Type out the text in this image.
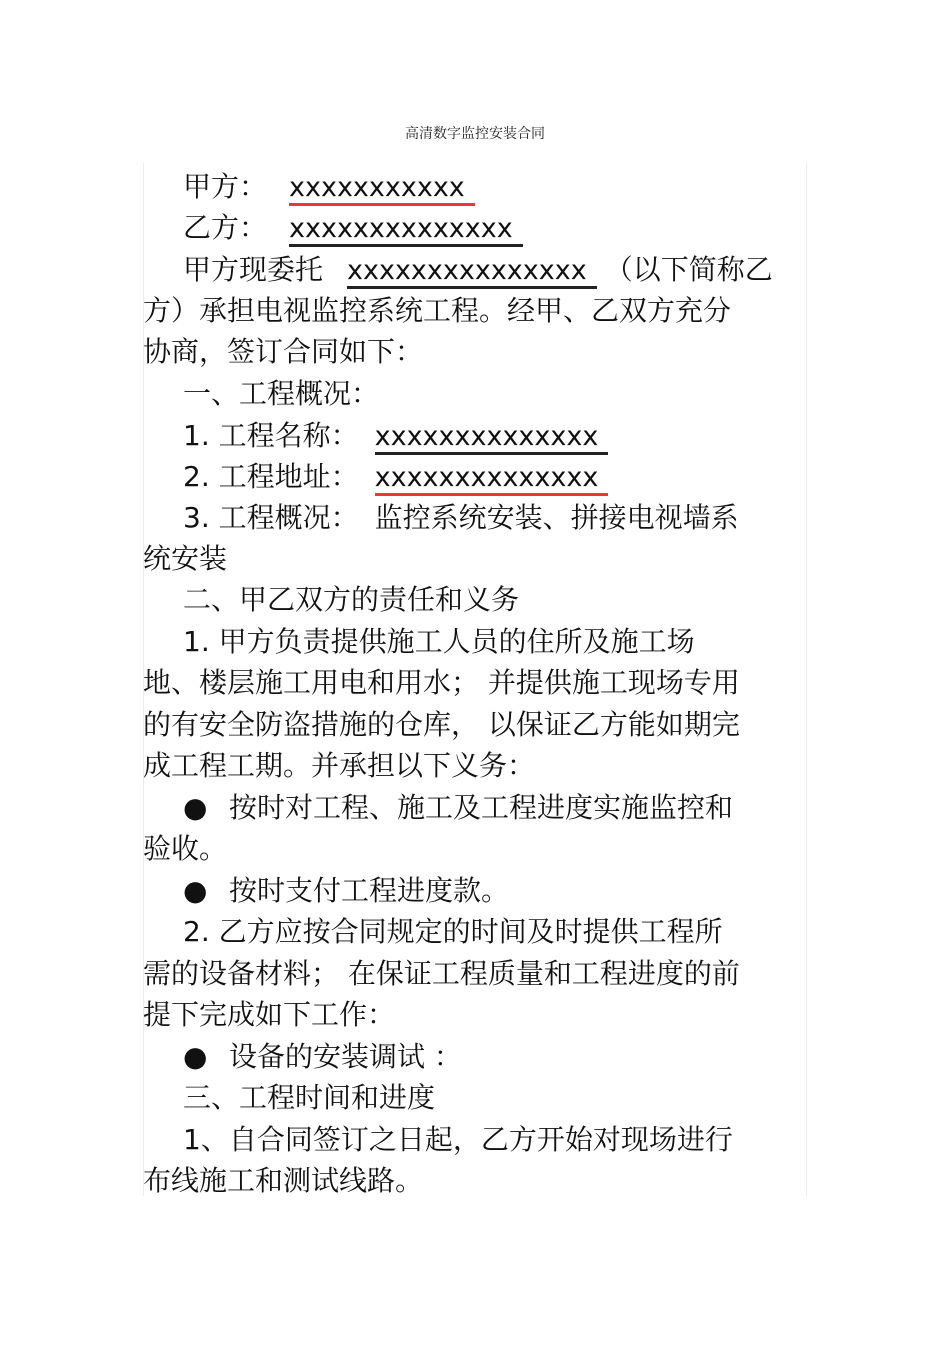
高清数字监控安装合同
甲方： xxxxxxxxxxx
乙方： xxxxxxxxxxxxxx
甲方现委托 xxxxxxxxxxxxxxx （以下简称乙
方）承担电视监控系统工程。经甲、乙双方充分
协商，签订合同如下：
一、工程概况：
1. 工程名称： xxxxxxxxxxxxxx
2. 工程地址： xxxxxxxxxxxxxx
3. 工程概况： 监控系统安装、拼接电视墙系
统安装
二、甲乙双方的责任和义务
1. 甲方负责提供施工人员的住所及施工场
地、楼层施工用电和用水； 并提供施工现场专用
的有安全防盗措施的仓库， 以保证乙方能如期完
成工程工期。并承担以下义务：
● 按时对工程、施工及工程进度实施监控和
验收。
● 按时支付工程进度款。
2. 乙方应按合同规定的时间及时提供工程所
需的设备材料； 在保证工程质量和工程进度的前
提下完成如下工作：
● 设备的安装调试 ：
三、工程时间和进度
1、自合同签订之日起，乙方开始对现场进行
布线施工和测试线路。
